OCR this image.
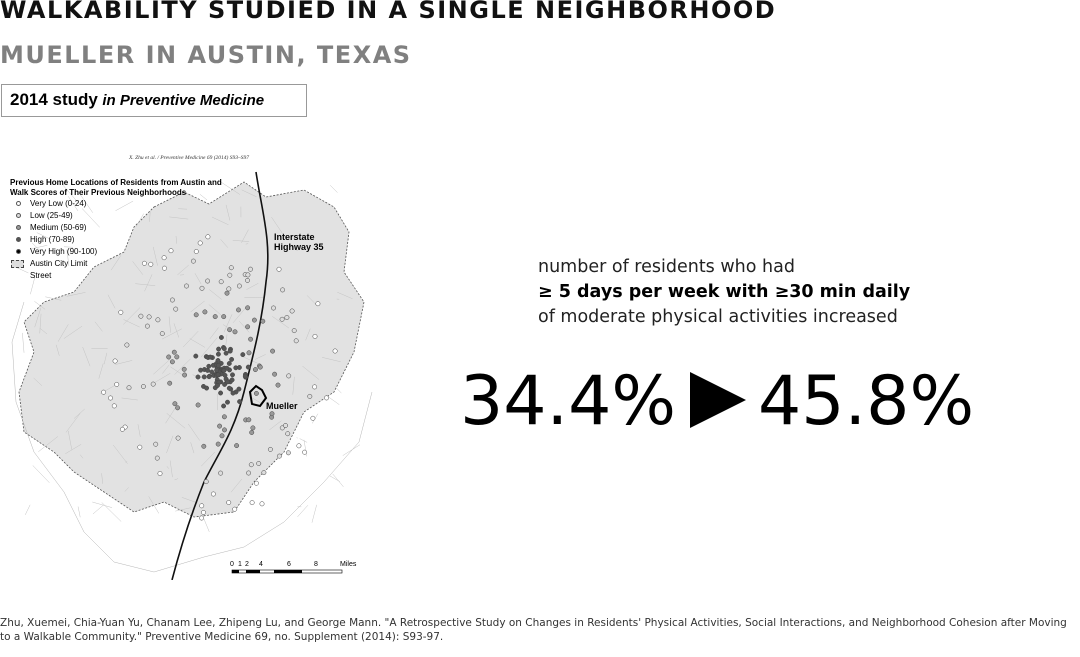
WALKABILITY STUDIED IN A SINGLE NEIGHBORHOOD
MUELLER IN AUSTIN, TEXAS
2014 study in Preventive Medicine
X. Zhu et al. / Preventive Medicine 69 (2014) S93–S97
Previous Home Locations of Residents from Austin and Walk Scores of Their Previous Neighborhoods
Very Low (0-24)
Low (25-49)
Medium (50-69)
High (70-89)
Very High (90-100)
Austin City Limit
Street
Interstate
Highway 35
Mueller
0 1 2 4	6	8	Miles
number of residents who had
≥ 5 days per week with ≥30 min daily
of moderate physical activities increased
34.4% 45.8%
Zhu, Xuemei, Chia-Yuan Yu, Chanam Lee, Zhipeng Lu, and George Mann. "A Retrospective Study on Changes in Residents' Physical Activities, Social Interactions, and Neighborhood Cohesion after Moving to a Walkable Community." Preventive Medicine 69, no. Supplement (2014): S93-97.
